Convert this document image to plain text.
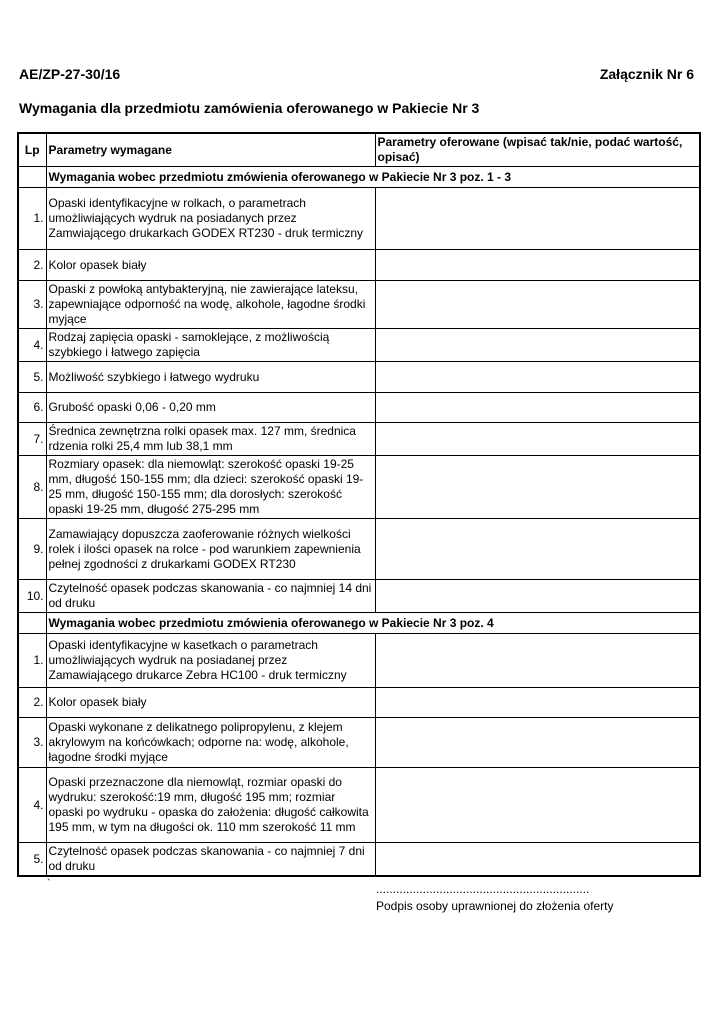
AE/ZP-27-30/16	Załącznik Nr 6
Wymagania dla przedmiotu zamówienia oferowanego w Pakiecie Nr 3
Lp	Parametry wymagane	Parametry oferowane (wpisać tak/nie, podać wartość, opisać)
	Wymagania wobec przedmiotu zmówienia oferowanego w Pakiecie Nr 3 poz. 1 - 3	
1.	Opaski identyfikacyjne w rolkach, o parametrach umożliwiających wydruk na posiadanych przez Zamwiającego drukarkach GODEX RT230 - druk termiczny	
2.	Kolor opasek biały	
3.	Opaski z powłoką antybakteryjną, nie zawierające lateksu, zapewniające odporność na wodę, alkohole, łagodne środki myjące	
4.	Rodzaj zapięcia opaski - samoklejące, z możliwością szybkiego i łatwego zapięcia	
5.	Możliwość szybkiego i łatwego wydruku	
6.	Grubość opaski 0,06 - 0,20 mm	
7.	Średnica zewnętrzna rolki opasek max. 127 mm, średnica rdzenia rolki 25,4 mm lub 38,1 mm	
8.	Rozmiary opasek: dla niemowląt: szerokość opaski 19-25 mm, długość 150-155 mm; dla dzieci: szerokość opaski 19-25 mm, długość 150-155 mm; dla dorosłych: szerokość opaski 19-25 mm, długość 275-295 mm	
9.	Zamawiający dopuszcza zaoferowanie różnych wielkości rolek i ilości opasek na rolce - pod warunkiem zapewnienia pełnej zgodności z drukarkami GODEX RT230	
10.	Czytelność opasek podczas skanowania - co najmniej 14 dni od druku	
	Wymagania wobec przedmiotu zmówienia oferowanego w Pakiecie Nr 3 poz. 4	
1.	Opaski identyfikacyjne w kasetkach o parametrach umożliwiających wydruk na posiadanej przez Zamawiającego drukarce Zebra HC100 - druk termiczny	
2.	Kolor opasek biały	
3.	Opaski wykonane z delikatnego polipropylenu, z klejem akrylowym na końcówkach; odporne na: wodę, alkohole, łagodne środki myjące	
4.	Opaski przeznaczone dla niemowląt, rozmiar opaski do wydruku: szerokość:19 mm, długość 195 mm; rozmiar opaski po wydruku - opaska do założenia: długość całkowita 195 mm, w tym na długości ok. 110 mm szerokość 11 mm	
5.	Czytelność opasek podczas skanowania - co najmniej 7 dni od druku	
`	................................................................
Podpis osoby uprawnionej do złożenia oferty
